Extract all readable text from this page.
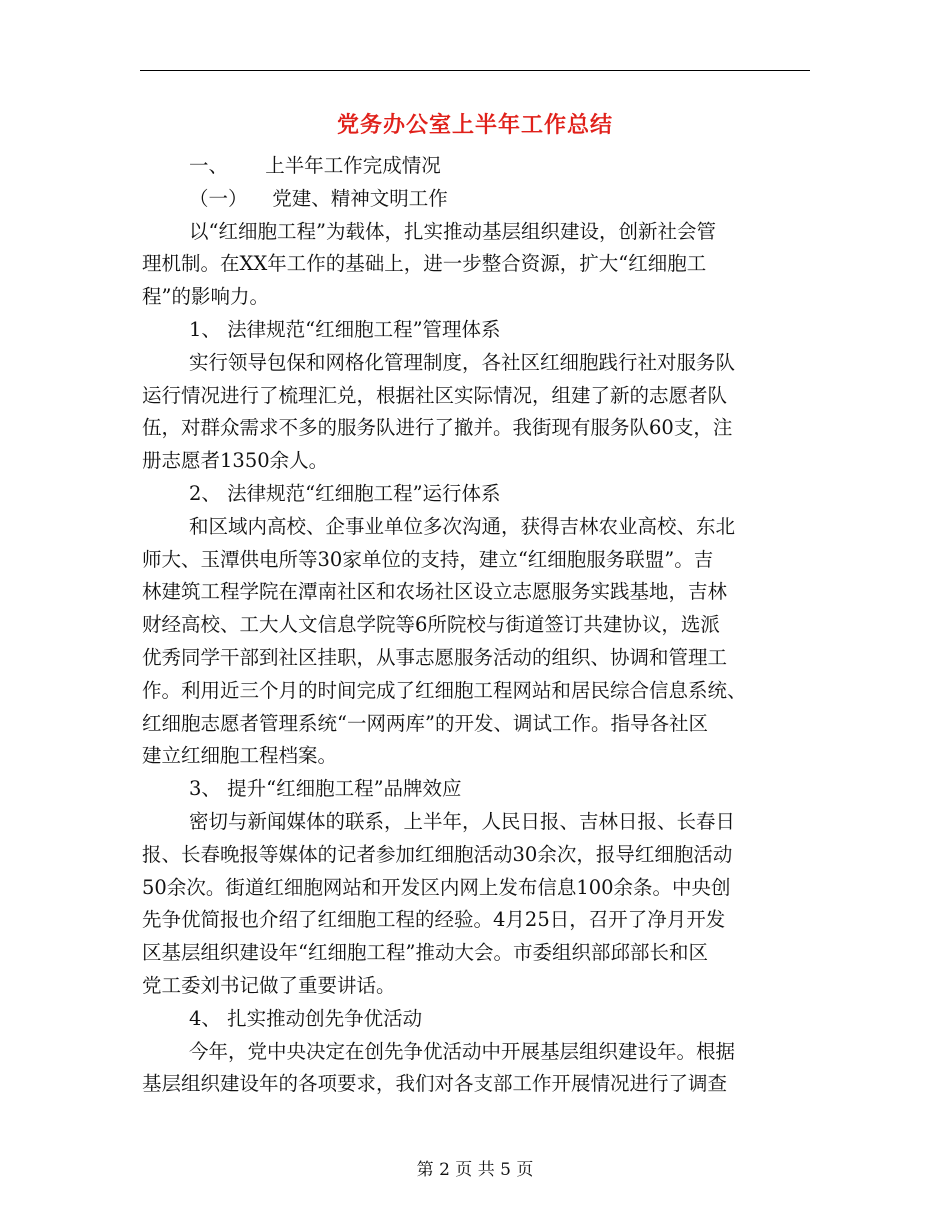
党务办公室上半年工作总结

一、      上半年工作完成情况

（一）    党建、精神文明工作

以“红细胞工程”为载体，扎实推动基层组织建设，创新社会管
理机制。在XX年工作的基础上，进一步整合资源，扩大“红细胞工
程”的影响力。

1、 法律规范“红细胞工程”管理体系

实行领导包保和网格化管理制度，各社区红细胞践行社对服务队
运行情况进行了梳理汇兑，根据社区实际情况，组建了新的志愿者队
伍，对群众需求不多的服务队进行了撤并。我街现有服务队60支，注
册志愿者1350余人。

2、 法律规范“红细胞工程”运行体系

和区域内高校、企事业单位多次沟通，获得吉林农业高校、东北
师大、玉潭供电所等30家单位的支持，建立“红细胞服务联盟”。吉
林建筑工程学院在潭南社区和农场社区设立志愿服务实践基地，吉林
财经高校、工大人文信息学院等6所院校与街道签订共建协议，选派
优秀同学干部到社区挂职，从事志愿服务活动的组织、协调和管理工
作。利用近三个月的时间完成了红细胞工程网站和居民综合信息系统、
红细胞志愿者管理系统“一网两库”的开发、调试工作。指导各社区
建立红细胞工程档案。

3、 提升“红细胞工程”品牌效应

密切与新闻媒体的联系，上半年，人民日报、吉林日报、长春日
报、长春晚报等媒体的记者参加红细胞活动30余次，报导红细胞活动
50余次。街道红细胞网站和开发区内网上发布信息100余条。中央创
先争优简报也介绍了红细胞工程的经验。4月25日，召开了净月开发
区基层组织建设年“红细胞工程”推动大会。市委组织部邱部长和区
党工委刘书记做了重要讲话。

4、 扎实推动创先争优活动

今年，党中央决定在创先争优活动中开展基层组织建设年。根据
基层组织建设年的各项要求，我们对各支部工作开展情况进行了调查

第 2 页 共 5 页
